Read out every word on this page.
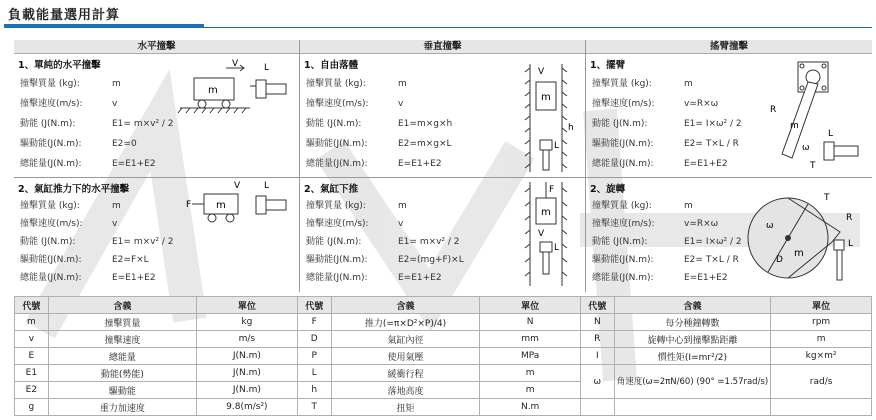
負載能量選用計算
水平撞擊
1、單純的水平撞擊
撞擊質量 (kg):	m
撞擊速度(m/s):	v
動能 (J(N.m):	E1= m×v² / 2
驅動能(J(N.m):	E2=0
總能量(J(N.m):	E=E1+E2
m
V	L
2、氣缸推力下的水平撞擊
撞擊質量 (kg):	m
撞擊速度(m/s):	v
動能 (J(N.m):	E1= m×v² / 2
驅動能(J(N.m):	E2=F×L
總能量(J(N.m):	E=E1+E2
m
F
V	L
垂直撞擊
1、自由落體
撞擊質量 (kg):	m
撞擊速度(m/s):	v
動能 (J(N.m):	E1=m×g×h
驅動能(J(N.m):	E2=m×g×L
總能量(J(N.m):	E=E1+E2
m
V
h
L
2、氣缸下推
撞擊質量 (kg):	m
撞擊速度(m/s):	v
動能 (J(N.m):	E1= m×v² / 2
驅動能(J(N.m):	E2=(mg+F)×L
總能量(J(N.m):	E=E1+E2
F
m
V
L
搖臂撞擊
1、擺臂
撞擊質量 (kg):	m
撞擊速度(m/s):	v=R×ω
動能 (J(N.m):	E1= I×ω² / 2
驅動能(J(N.m):	E2= T×L / R
總能量(J(N.m):	E=E1+E2
m
R
L
ω
T
2、旋轉
撞擊質量 (kg):	m
撞擊速度(m/s):	v=R×ω
動能 (J(N.m):	E1= I×ω² / 2
驅動能(J(N.m):	E2= T×L / R
總能量(J(N.m):	E=E1+E2
ω
m
D
T
R
L
代號	含義	單位	代號	含義	單位	代號	含義	單位
m	撞擊質量	kg	F	推力(=π×D²×P)/4)	N	N	每分種鐘轉數	rpm
v	撞擊速度	m/s	D	氣缸內徑	mm	R	旋轉中心到撞擊點距離	m
E	總能量	J(N.m)	P	使用氣壓	MPa	I	慣性矩(I=mr²/2)	kg×m²
E1	動能(勢能)	J(N.m)	L	緩衝行程	m	ω	角速度(ω=2πN/60) (90° =1.57rad/s)	rad/s
E2	驅動能	J(N.m)	h	落地高度	m			
g	重力加速度	9.8(m/s²)	T	扭矩	N.m			
